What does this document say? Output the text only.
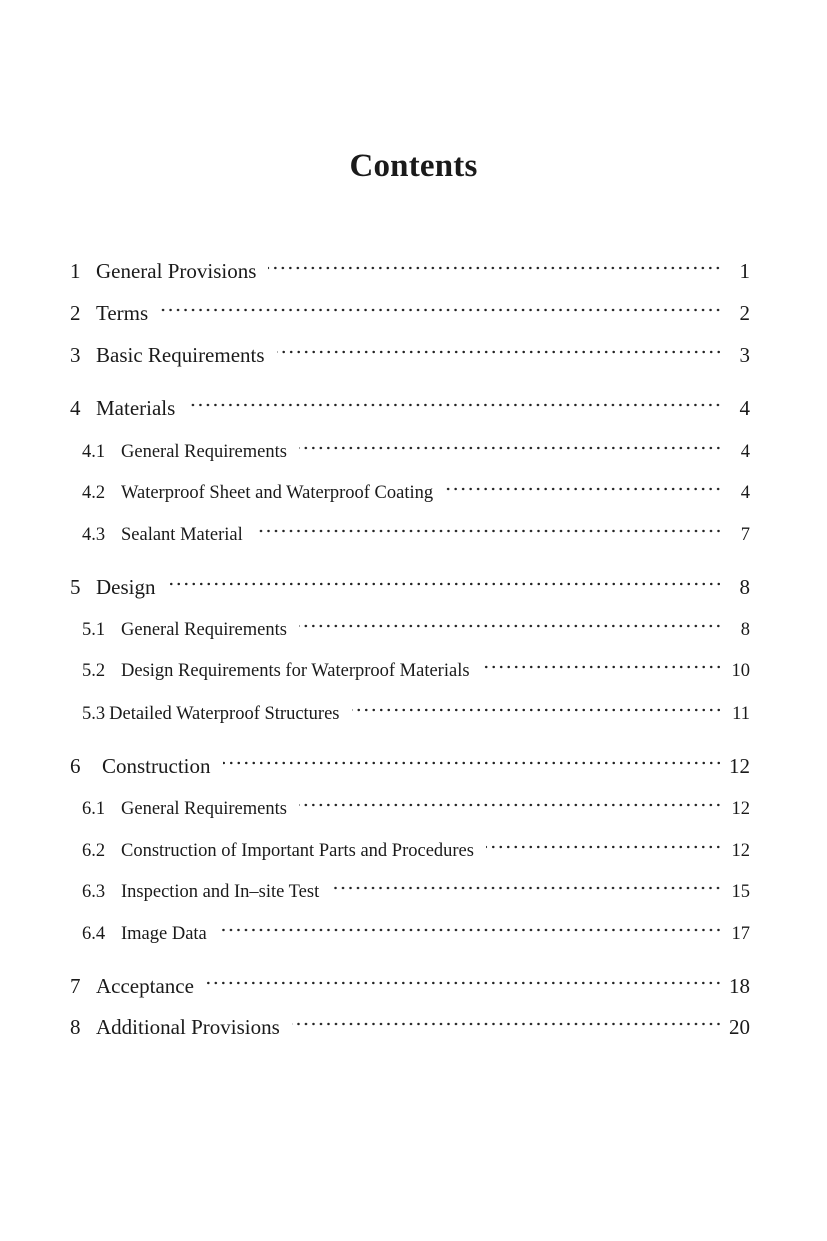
Contents
1 General Provisions	1
2 Terms	2
3 Basic Requirements	3
4 Materials	4
4.1 General Requirements	4
4.2 Waterproof Sheet and Waterproof Coating	4
4.3 Sealant Material	7
5 Design	8
5.1 General Requirements	8
5.2 Design Requirements for Waterproof Materials	10
5.3 Detailed Waterproof Structures	11
6	Construction	12
6.1 General Requirements	12
6.2 Construction of Important Parts and Procedures	12
6.3 Inspection and In–site Test	15
6.4 Image Data	17
7 Acceptance	18
8 Additional Provisions	20
